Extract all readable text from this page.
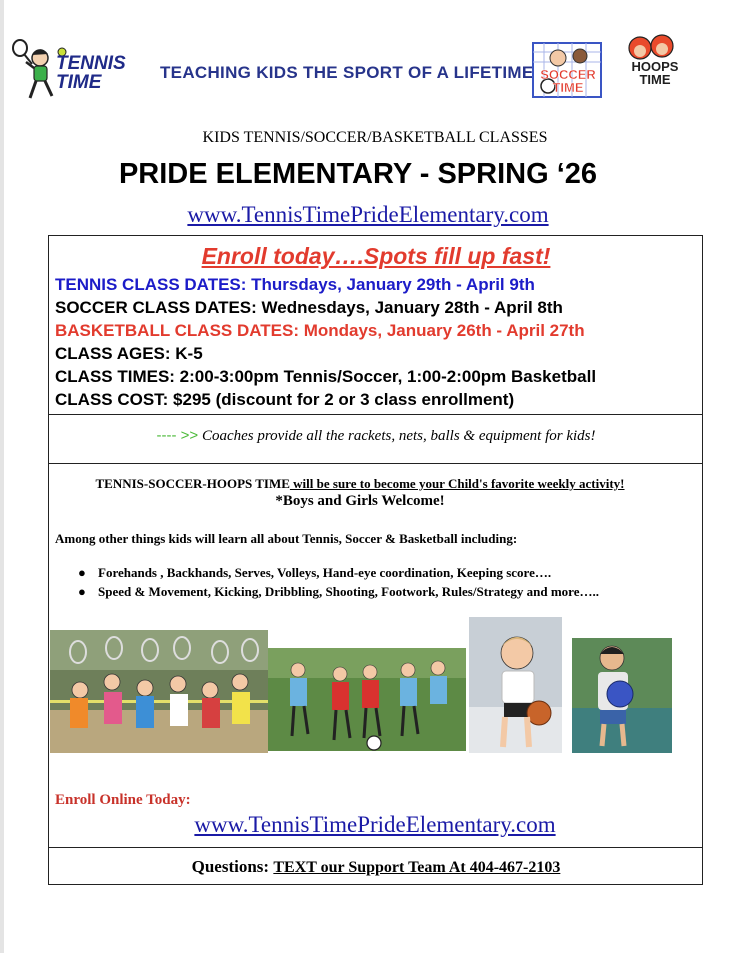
TENNIS TIME	TEACHING KIDS THE SPORT OF A LIFETIME SOCCER TIME
HOOPS TIME
KIDS TENNIS/SOCCER/BASKETBALL CLASSES
PRIDE ELEMENTARY - SPRING ‘26
www.TennisTimePrideElementary.com
Enroll today….Spots fill up fast!
TENNIS CLASS DATES: Thursdays, January 29th - April 9th
SOCCER CLASS DATES: Wednesdays, January 28th - April 8th
BASKETBALL CLASS DATES: Mondays, January 26th - April 27th
CLASS AGES: K-5
CLASS TIMES: 2:00-3:00pm Tennis/Soccer, 1:00-2:00pm Basketball
CLASS COST: $295 (discount for 2 or 3 class enrollment)
---- >> Coaches provide all the rackets, nets, balls & equipment for kids!
TENNIS-SOCCER-HOOPS TIME will be sure to become your Child's favorite weekly activity!
*Boys and Girls Welcome!
Among other things kids will learn all about Tennis, Soccer & Basketball including:
● Forehands , Backhands, Serves, Volleys, Hand-eye coordination, Keeping score….
● Speed & Movement, Kicking, Dribbling, Shooting, Footwork, Rules/Strategy and more…..
Enroll Online Today:
www.TennisTimePrideElementary.com
Questions: TEXT our Support Team At 404-467-2103
